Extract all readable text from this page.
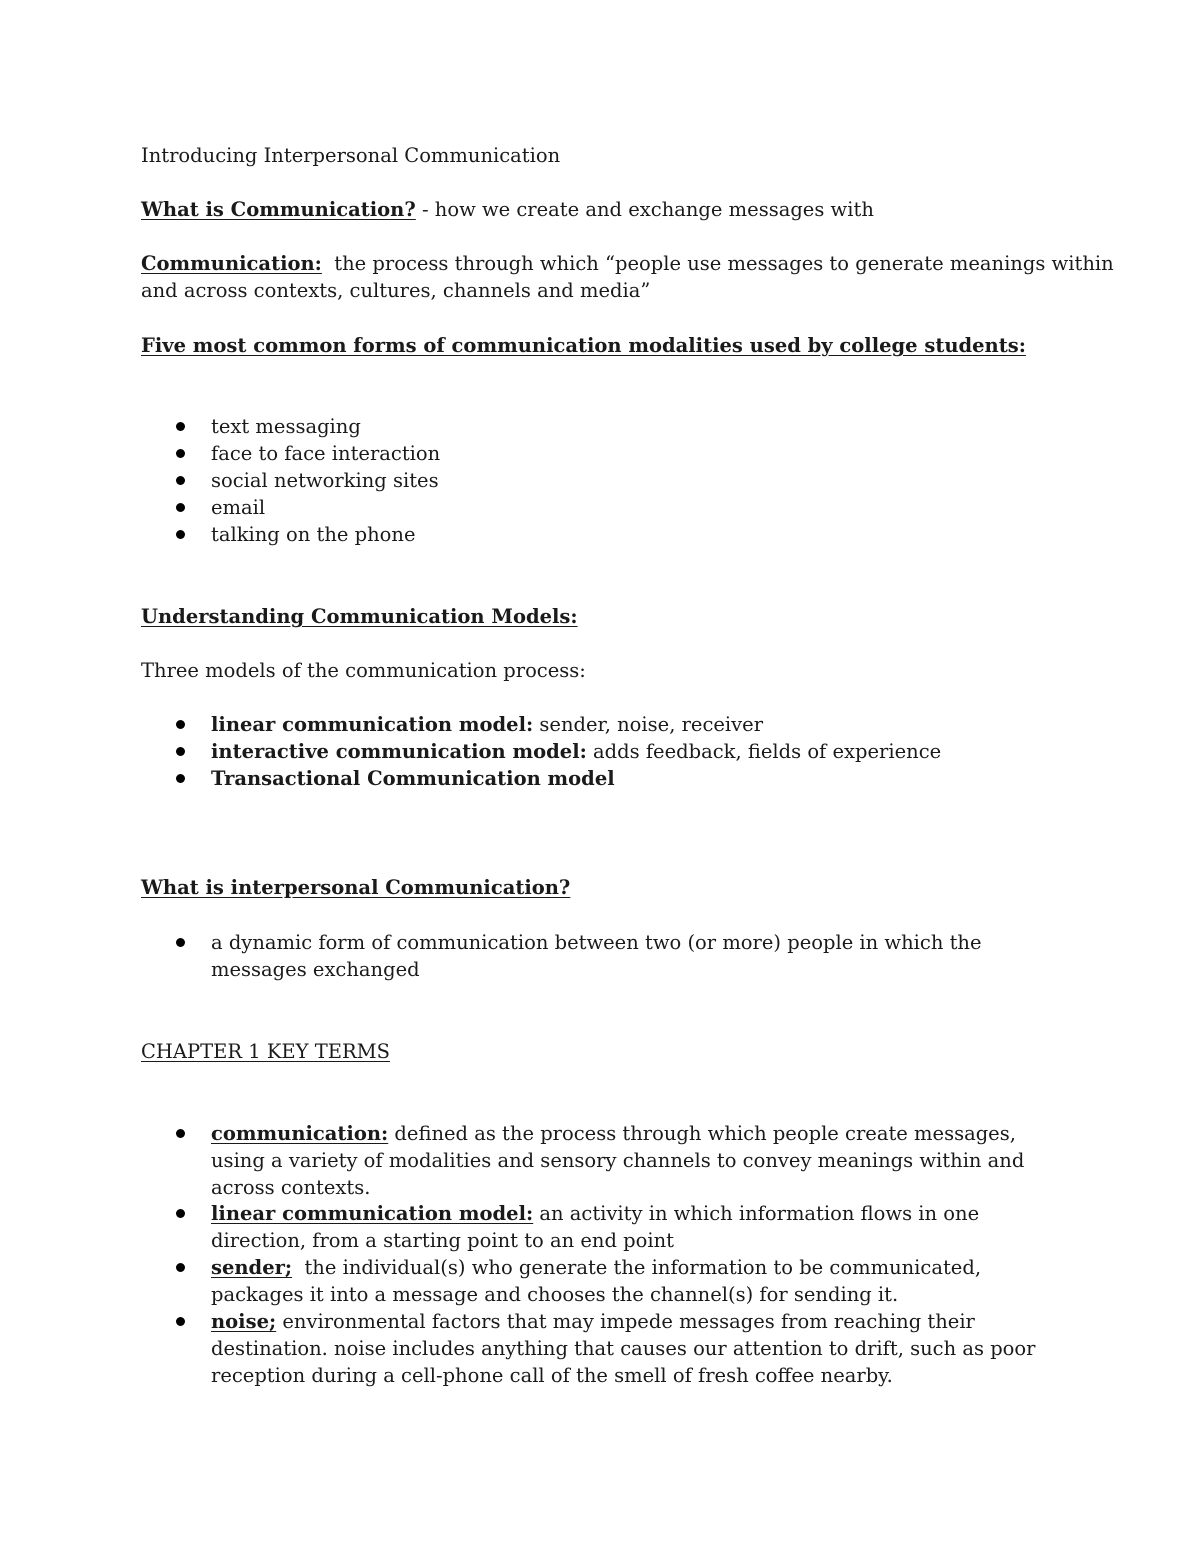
Introducing Interpersonal Communication
What is Communication? - how we create and exchange messages with
Communication:  the process through which “people use messages to generate meanings within
and across contexts, cultures, channels and media”
Five most common forms of communication modalities used by college students:
text messaging
face to face interaction
social networking sites
email
talking on the phone
Understanding Communication Models:
Three models of the communication process:
linear communication model: sender, noise, receiver
interactive communication model: adds feedback, fields of experience
Transactional Communication model
What is interpersonal Communication?
a dynamic form of communication between two (or more) people in which the messages exchanged
CHAPTER 1 KEY TERMS
communication: defined as the process through which people create messages, using a variety of modalities and sensory channels to convey meanings within and across contexts.
linear communication model: an activity in which information flows in one direction, from a starting point to an end point
sender;  the individual(s) who generate the information to be communicated, packages it into a message and chooses the channel(s) for sending it.
noise; environmental factors that may impede messages from reaching their destination. noise includes anything that causes our attention to drift, such as poor reception during a cell-phone call of the smell of fresh coffee nearby.
